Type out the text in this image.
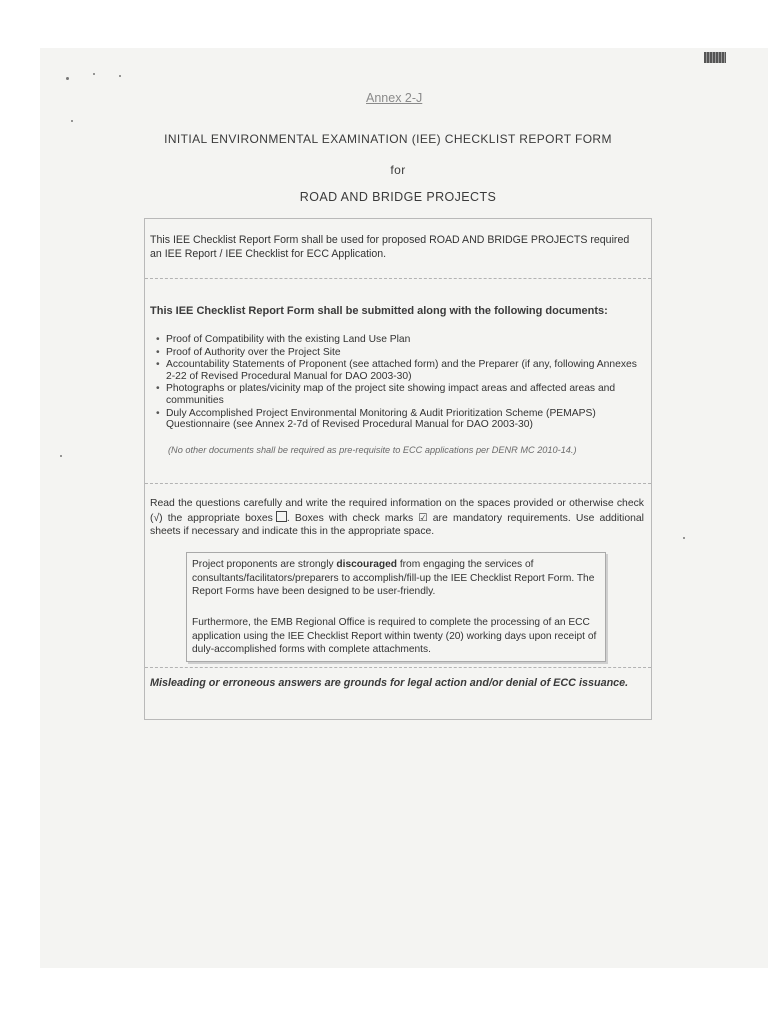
Annex 2-J
INITIAL ENVIRONMENTAL EXAMINATION (IEE) CHECKLIST REPORT FORM
for
ROAD AND BRIDGE PROJECTS
This IEE Checklist Report Form shall be used for proposed ROAD AND BRIDGE PROJECTS required an IEE Report / IEE Checklist for ECC Application.
This IEE Checklist Report Form shall be submitted along with the following documents:
• Proof of Compatibility with the existing Land Use Plan
• Proof of Authority over the Project Site
• Accountability Statements of Proponent (see attached form) and the Preparer (if any, following Annexes 2-22 of Revised Procedural Manual for DAO 2003-30)
• Photographs or plates/vicinity map of the project site showing impact areas and affected areas and communities
• Duly Accomplished Project Environmental Monitoring & Audit Prioritization Scheme (PEMAPS) Questionnaire (see Annex 2-7d of Revised Procedural Manual for DAO 2003-30)
(No other documents shall be required as pre-requisite to ECC applications per DENR MC 2010-14.)
Read the questions carefully and write the required information on the spaces provided or otherwise check (√) the appropriate boxes . Boxes with check marks ☑ are mandatory requirements. Use additional sheets if necessary and indicate this in the appropriate space.
Project proponents are strongly discouraged from engaging the services of consultants/facilitators/preparers to accomplish/fill-up the IEE Checklist Report Form. The Report Forms have been designed to be user-friendly.
Furthermore, the EMB Regional Office is required to complete the processing of an ECC application using the IEE Checklist Report within twenty (20) working days upon receipt of duly-accomplished forms with complete attachments.
Misleading or erroneous answers are grounds for legal action and/or denial of ECC issuance.
